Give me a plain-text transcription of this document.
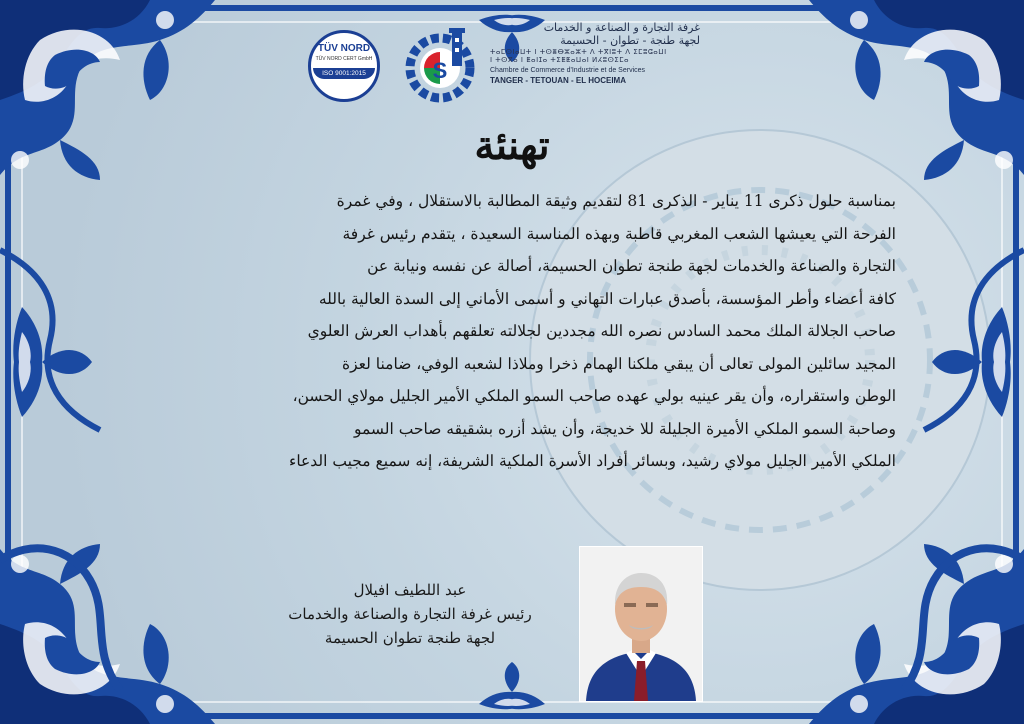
TÜV NORD
TÜV NORD CERT GmbH
ISO 9001:2015	S
غرفة التجارة و الصناعة و الخدمات
لجهة طنجة - تطوان - الحسيمة
ⵜⴰⵎⵙⵏⴰⵡⵜ ⵏ ⵜⵙⴻⴱⵣⴰⵣⵜ ⴷ ⵜⴳⵏⵓⵜ ⴷ ⵉⵎⵓⵛⴰⵡⵏ
ⵏ ⵜⵙⴳⴰ ⵏ ⵟⴰⵏⵊⴰ ⵜⵉⵟⵟⴰⵡⴰⵏ ⵍⵃⵓⵙⵉⵎⴰ
Chambre de Commerce d'Industrie et de Services
TANGER - TETOUAN - EL HOCEIMA
تهنئة
بمناسبة حلول ذكرى 11 يناير - الذكرى 81 لتقديم وثيقة المطالبة بالاستقلال ، وفي غمرة
الفرحة التي يعيشها الشعب المغربي قاطبة وبهذه المناسبة السعيدة ، يتقدم رئيس غرفة
التجارة والصناعة والخدمات لجهة طنجة تطوان الحسيمة، أصالة عن نفسه ونيابة عن
كافة أعضاء وأطر المؤسسة، بأصدق عبارات التهاني و أسمى الأماني إلى السدة العالية بالله
صاحب الجلالة الملك محمد السادس نصره الله مجددين لجلالته تعلقهم بأهداب العرش العلوي
المجيد سائلين المولى تعالى أن يبقي ملكنا الهمام ذخرا وملاذا لشعبه الوفي، ضامنا لعزة
الوطن واستقراره، وأن يقر عينيه بولي عهده صاحب السمو الملكي الأمير الجليل مولاي الحسن،
وصاحبة السمو الملكي الأميرة الجليلة للا خديجة، وأن يشد أزره بشقيقه صاحب السمو
الملكي الأمير الجليل مولاي رشيد، وبسائر أفراد الأسرة الملكية الشريفة، إنه سميع مجيب الدعاء
عبد اللطيف افيلال
رئيس غرفة التجارة والصناعة والخدمات
لجهة طنجة تطوان الحسيمة
